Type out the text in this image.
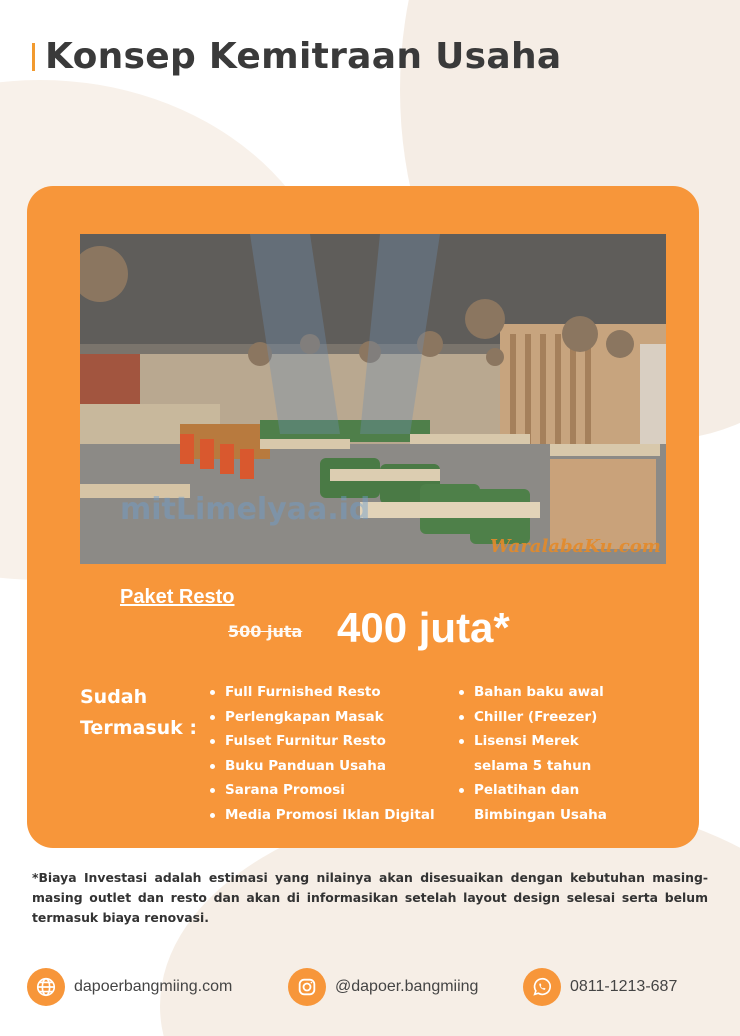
Konsep Kemitraan Usaha
mitLimelyaa.id
WaralabaKu.com
Paket Resto
500 juta 400 juta*
Sudah
Termasuk :
Full Furnished Resto
Perlengkapan Masak
Fulset Furnitur Resto
Buku Panduan Usaha
Sarana Promosi
Media Promosi Iklan Digital
Bahan baku awal
Chiller (Freezer)
Lisensi Merek
selama 5 tahun
Pelatihan dan
Bimbingan Usaha

*Biaya Investasi adalah estimasi yang nilainya akan disesuaikan dengan kebutuhan masing-masing outlet dan resto dan akan di informasikan setelah layout design selesai serta belum termasuk biaya renovasi.

dapoerbangmiing.com	@dapoer.bangmiing	0811-1213-687
